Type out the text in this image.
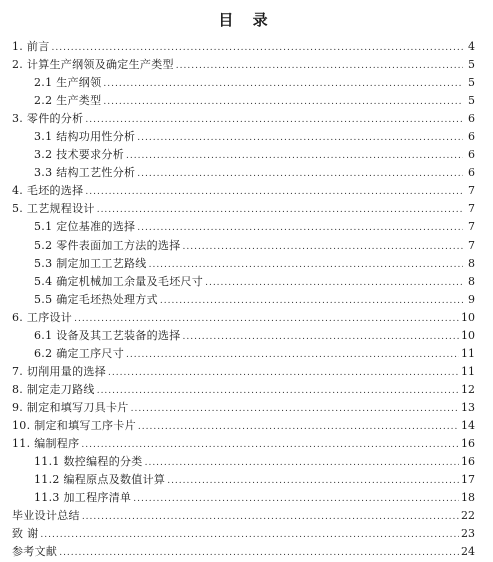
目 录
1. 前言 .....	4
2. 计算生产纲领及确定生产类型 .....	5
2.1 生产纲领 .....	5
2.2 生产类型 .....	5
3. 零件的分析 .....	6
3.1 结构功用性分析 .....	6
3.2 技术要求分析 .....	6
3.3 结构工艺性分析 .....	6
4. 毛坯的选择 .....	7
5. 工艺规程设计 .....	7
5.1 定位基准的选择 .....	7
5.2 零件表面加工方法的选择 .....	7
5.3 制定加工工艺路线 .....	8
5.4 确定机械加工余量及毛坯尺寸 .....	8
5.5 确定毛坯热处理方式 .....	9
6. 工序设计 .....	10
6.1 设备及其工艺装备的选择 .....	10
6.2 确定工序尺寸 .....	11
7. 切削用量的选择 .....	11
8. 制定走刀路线 .....	12
9. 制定和填写刀具卡片 .....	13
10. 制定和填写工序卡片 .....	14
11. 编制程序 .....	16
11.1 数控编程的分类 .....	16
11.2 编程原点及数值计算 .....	17
11.3 加工程序清单 .....	18
毕业设计总结 .....	22
致 谢 .....	23
参考文献 .....	24
